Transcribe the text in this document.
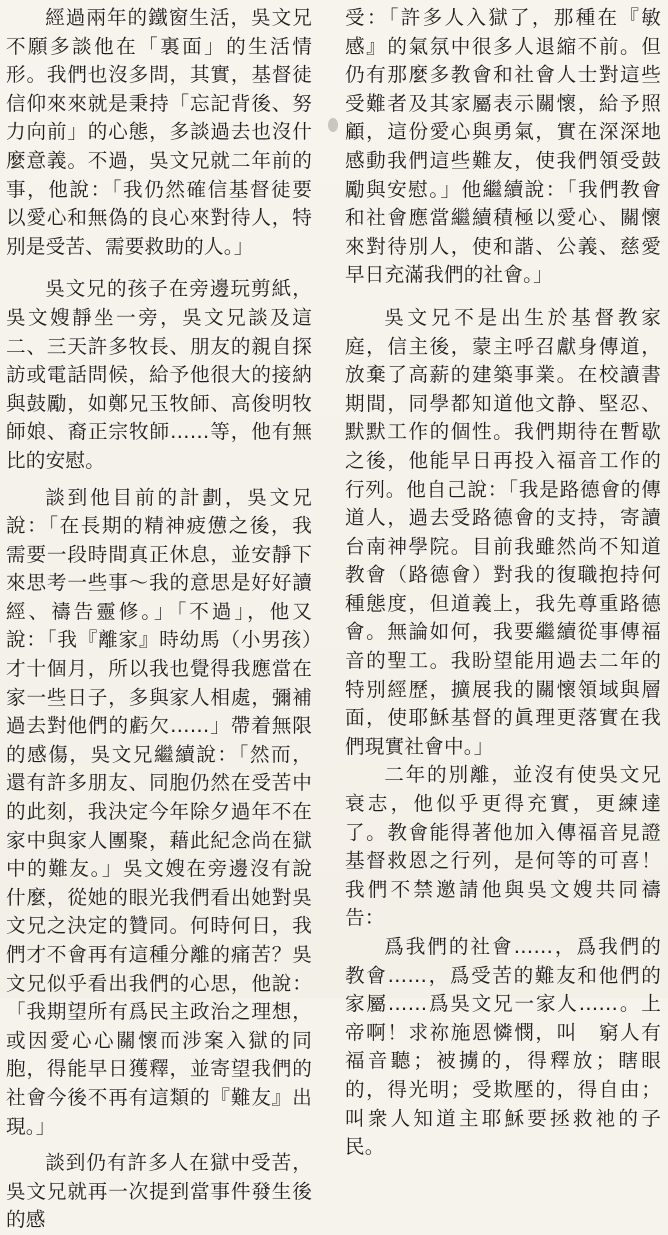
經過兩年的鐵窗生活，吳文兄不願多談他在「裏面」的生活情形。我們也沒多問，其實，基督徒信仰來來就是秉持「忘記背後、努力向前」的心態，多談過去也沒什麼意義。不過，吳文兄就二年前的事，他說：「我仍然確信基督徒要以愛心和無偽的良心來對待人，特別是受苦、需要救助的人。」

吳文兄的孩子在旁邊玩剪紙，吳文嫂靜坐一旁，吳文兄談及這二、三天許多牧長、朋友的親自探訪或電話問候，給予他很大的接納與鼓勵，如鄭兄玉牧師、高俊明牧師娘、裔正宗牧師……等，他有無比的安慰。

談到他目前的計劃，吳文兄說：「在長期的精神疲憊之後，我需要一段時間真正休息，並安靜下來思考一些事～我的意思是好好讀經、禱告靈修。」「不過」，他又說：「我『離家』時幼馬（小男孩）才十個月，所以我也覺得我應當在家一些日子，多與家人相處，彌補過去對他們的虧欠……」帶着無限的感傷，吳文兄繼續說：「然而，還有許多朋友、同胞仍然在受苦中的此刻，我決定今年除夕過年不在家中與家人團聚，藉此紀念尚在獄中的難友。」吳文嫂在旁邊沒有說什麼，從她的眼光我們看出她對吳文兄之決定的贊同。何時何日，我們才不會再有這種分離的痛苦？吳文兄似乎看出我們的心思，他說：「我期望所有爲民主政治之理想，或因愛心心關懷而涉案入獄的同胞，得能早日獲釋，並寄望我們的社會今後不再有這類的『難友』出現。」

談到仍有許多人在獄中受苦，吳文兄就再一次提到當事件發生後的感

受：「許多人入獄了，那種在『敏感』的氣氛中很多人退縮不前。但仍有那麼多教會和社會人士對這些受難者及其家屬表示關懷，給予照顧，這份愛心與勇氣，實在深深地感動我們這些難友，使我們領受鼓勵與安慰。」他繼續說：「我們教會和社會應當繼續積極以愛心、關懷來對待別人，使和諧、公義、慈愛早日充滿我們的社會。」

吳文兄不是出生於基督教家庭，信主後，蒙主呼召獻身傳道，放棄了高薪的建築事業。在校讀書期間，同學都知道他文静、堅忍、默默工作的個性。我們期待在暫歇之後，他能早日再投入福音工作的行列。他自己說：「我是路德會的傳道人，過去受路德會的支持，寄讀台南神學院。目前我雖然尚不知道教會（路德會）對我的復職抱持何種態度，但道義上，我先尊重路德會。無論如何，我要繼續從事傳福音的聖工。我盼望能用過去二年的特別經歷，擴展我的關懷領域與層面，使耶穌基督的眞理更落實在我們現實社會中。」

二年的別離，並沒有使吳文兄衰志，他似乎更得充實，更練達了。教會能得著他加入傳福音見證基督救恩之行列，是何等的可喜！我們不禁邀請他與吳文嫂共同禱告：

爲我們的社會……，爲我們的教會……，爲受苦的難友和他們的家屬……爲吳文兄一家人……。上帝啊！求祢施恩憐憫，叫　窮人有福音聽；被擄的，得釋放；瞎眼的，得光明；受欺壓的，得自由；叫衆人知道主耶穌要拯救祂的子民。
